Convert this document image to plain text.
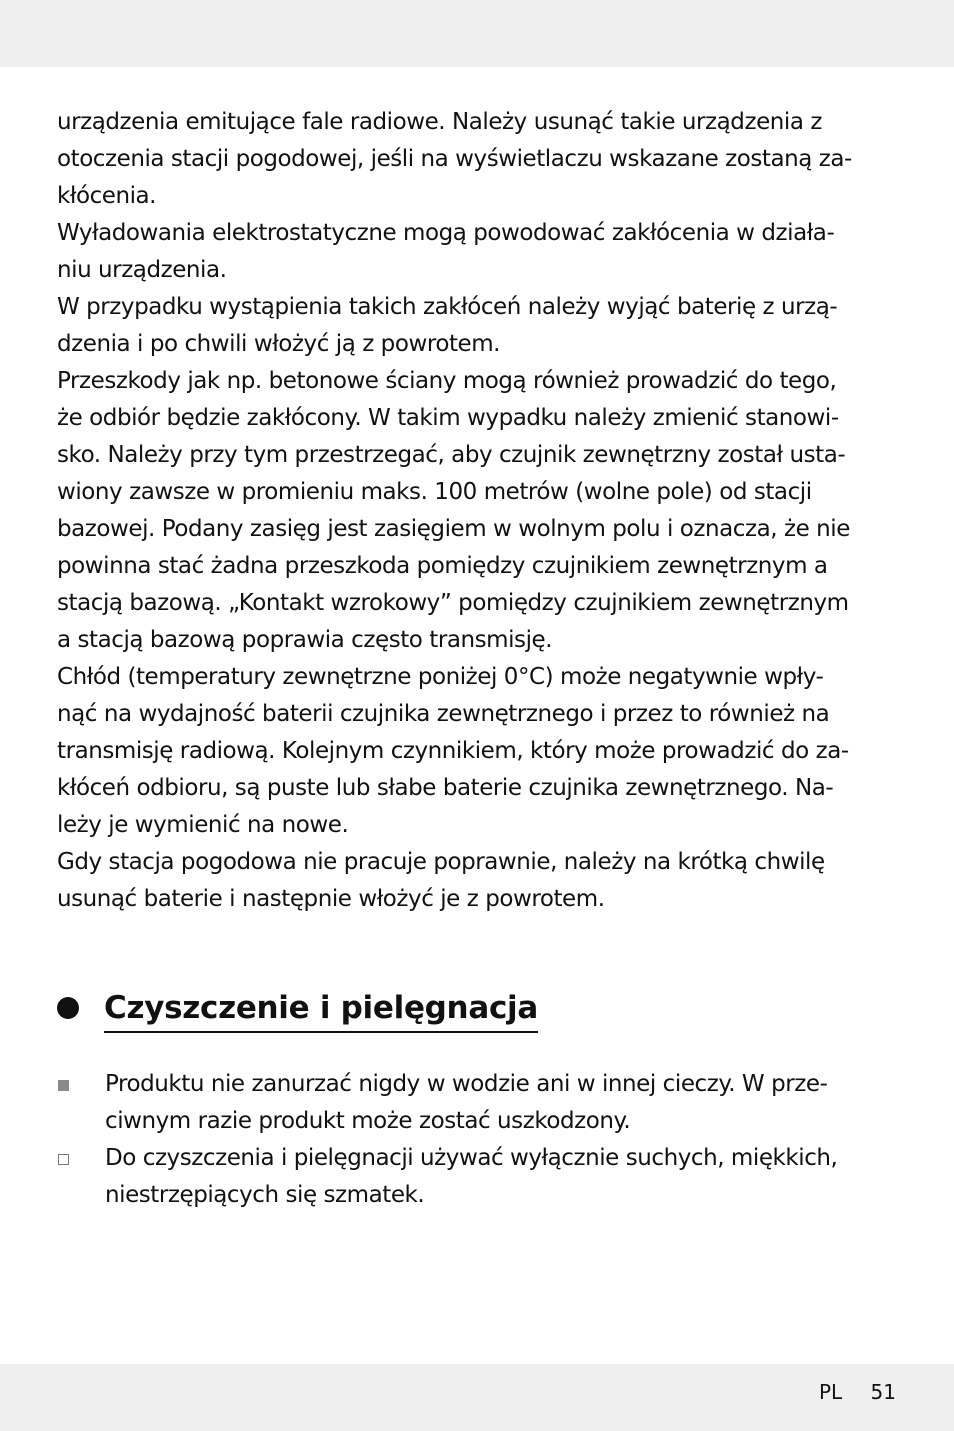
urządzenia emitujące fale radiowe. Należy usunąć takie urządzenia z
otoczenia stacji pogodowej, jeśli na wyświetlaczu wskazane zostaną za-
kłócenia.
Wyładowania elektrostatyczne mogą powodować zakłócenia w działa-
niu urządzenia.
W przypadku wystąpienia takich zakłóceń należy wyjąć baterię z urzą-
dzenia i po chwili włożyć ją z powrotem.
Przeszkody jak np. betonowe ściany mogą również prowadzić do tego,
że odbiór będzie zakłócony. W takim wypadku należy zmienić stanowi-
sko. Należy przy tym przestrzegać, aby czujnik zewnętrzny został usta-
wiony zawsze w promieniu maks. 100 metrów (wolne pole) od stacji
bazowej. Podany zasięg jest zasięgiem w wolnym polu i oznacza, że nie
powinna stać żadna przeszkoda pomiędzy czujnikiem zewnętrznym a
stacją bazową. „Kontakt wzrokowy” pomiędzy czujnikiem zewnętrznym
a stacją bazową poprawia często transmisję.
Chłód (temperatury zewnętrzne poniżej 0°C) może negatywnie wpły-
nąć na wydajność baterii czujnika zewnętrznego i przez to również na
transmisję radiową. Kolejnym czynnikiem, który może prowadzić do za-
kłóceń odbioru, są puste lub słabe baterie czujnika zewnętrznego. Na-
leży je wymienić na nowe.
Gdy stacja pogodowa nie pracuje poprawnie, należy na krótką chwilę
usunąć baterie i następnie włożyć je z powrotem.
Czyszczenie i pielęgnacja
Produktu nie zanurzać nigdy w wodzie ani w innej cieczy. W prze-
ciwnym razie produkt może zostać uszkodzony.
Do czyszczenia i pielęgnacji używać wyłącznie suchych, miękkich,
niestrzępiących się szmatek.
PL 51
